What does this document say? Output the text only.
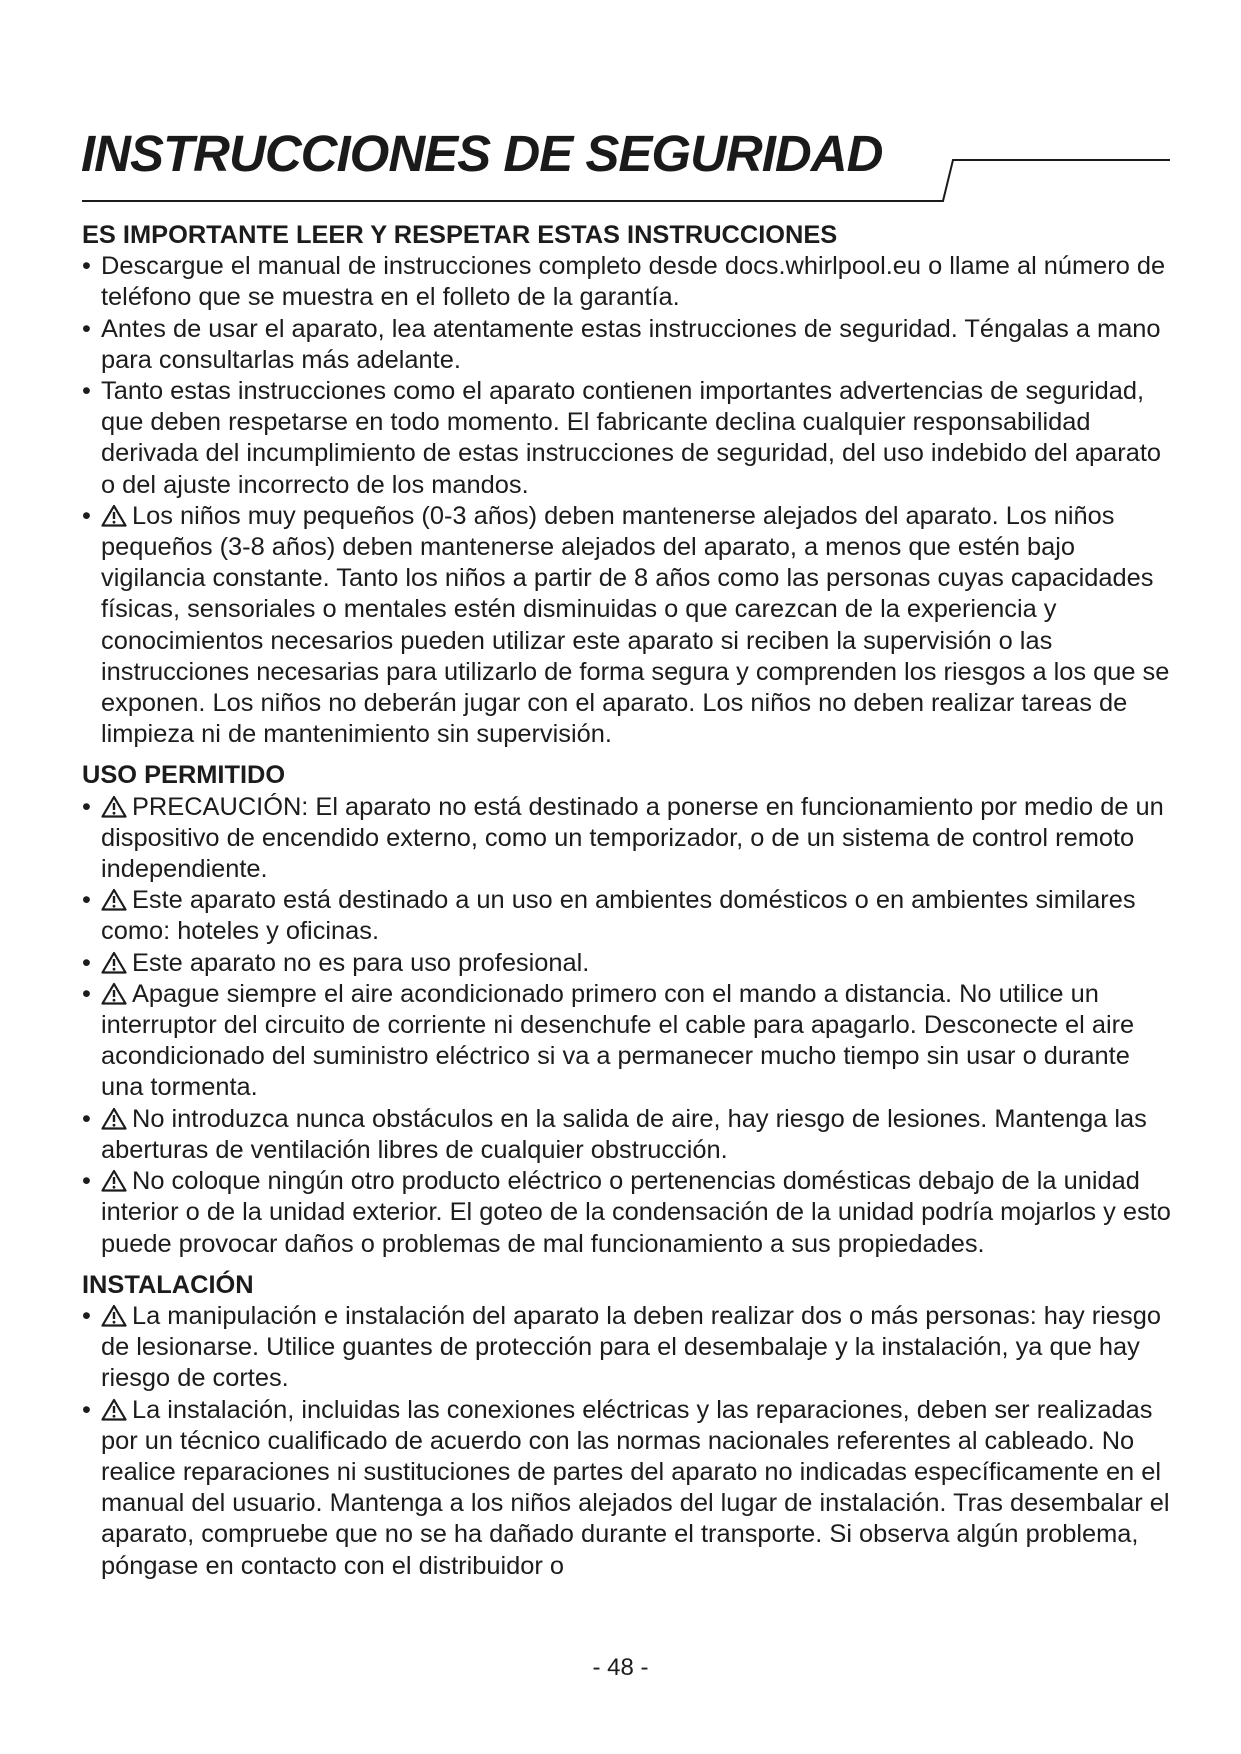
INSTRUCCIONES DE SEGURIDAD

ES IMPORTANTE LEER Y RESPETAR ESTAS INSTRUCCIONES

• Descargue el manual de instrucciones completo desde docs.whirlpool.eu o llame al número de teléfono que se muestra en el folleto de la garantía.
• Antes de usar el aparato, lea atentamente estas instrucciones de seguridad. Téngalas a mano para consultarlas más adelante.
• Tanto estas instrucciones como el aparato contienen importantes advertencias de seguridad, que deben respetarse en todo momento. El fabricante declina cualquier responsabilidad derivada del incumplimiento de estas instrucciones de seguridad, del uso indebido del aparato o del ajuste incorrecto de los mandos.
• Los niños muy pequeños (0-3 años) deben mantenerse alejados del aparato. Los niños pequeños (3-8 años) deben mantenerse alejados del aparato, a menos que estén bajo vigilancia constante. Tanto los niños a partir de 8 años como las personas cuyas capacidades físicas, sensoriales o mentales estén disminuidas o que carezcan de la experiencia y conocimientos necesarios pueden utilizar este aparato si reciben la supervisión o las instrucciones necesarias para utilizarlo de forma segura y comprenden los riesgos a los que se exponen. Los niños no deberán jugar con el aparato. Los niños no deben realizar tareas de limpieza ni de mantenimiento sin supervisión.

USO PERMITIDO

• PRECAUCIÓN: El aparato no está destinado a ponerse en funcionamiento por medio de un dispositivo de encendido externo, como un temporizador, o de un sistema de control remoto independiente.
• Este aparato está destinado a un uso en ambientes domésticos o en ambientes similares como: hoteles y oficinas.
• Este aparato no es para uso profesional.
• Apague siempre el aire acondicionado primero con el mando a distancia. No utilice un interruptor del circuito de corriente ni desenchufe el cable para apagarlo. Desconecte el aire acondicionado del suministro eléctrico si va a permanecer mucho tiempo sin usar o durante una tormenta.
• No introduzca nunca obstáculos en la salida de aire, hay riesgo de lesiones. Mantenga las aberturas de ventilación libres de cualquier obstrucción.
• No coloque ningún otro producto eléctrico o pertenencias domésticas debajo de la unidad interior o de la unidad exterior. El goteo de la condensación de la unidad podría mojarlos y esto puede provocar daños o problemas de mal funcionamiento a sus propiedades.

INSTALACIÓN

• La manipulación e instalación del aparato la deben realizar dos o más personas: hay riesgo de lesionarse. Utilice guantes de protección para el desembalaje y la instalación, ya que hay riesgo de cortes.
• La instalación, incluidas las conexiones eléctricas y las reparaciones, deben ser realizadas por un técnico cualificado de acuerdo con las normas nacionales referentes al cableado. No realice reparaciones ni sustituciones de partes del aparato no indicadas específicamente en el manual del usuario. Mantenga a los niños alejados del lugar de instalación. Tras desembalar el aparato, compruebe que no se ha dañado durante el transporte. Si observa algún problema, póngase en contacto con el distribuidor o
- 48 -
